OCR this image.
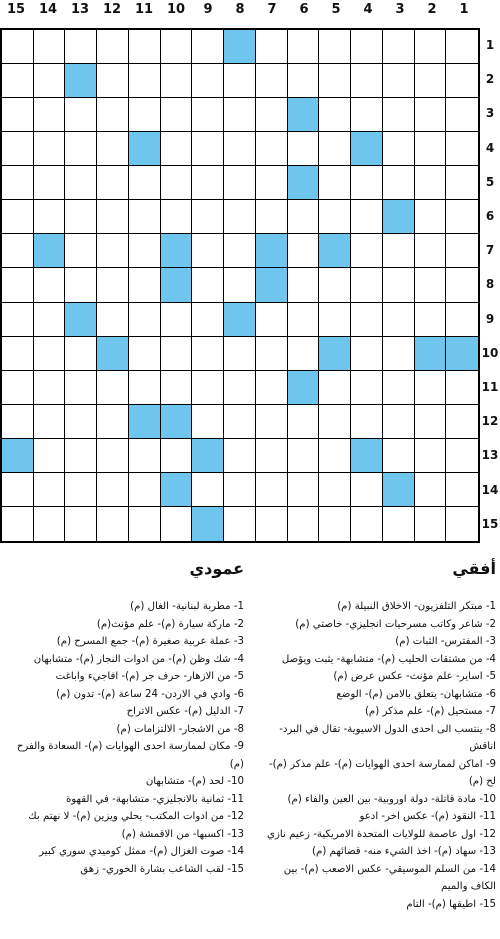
15	14	13	12	11	10	9	8	7	6	5	4	3	2	1
1
2
3
4
5
6
7
8
9
10
11
12
13
14
15
أفقي
1- مبتكر التلفزيون- الاخلاق النبيلة (م)
2- شاعر وكاتب مسرحيات انجليزي- خاصتي (م)
3- المفترس- الثبات (م)
4- من مشتقات الحليب (م)- متشابهة- يثبت ويؤصل
5- اساير- علم مؤنث- عكس عرض (م)
6- متشابهان- يتعلق بالامن (م)- الوضع
7- مستحيل (م)- علم مذكر (م)
8- ينتسب الى احدى الدول الاسيوية- تقال في البرد- اناقش
9- اماكن لممارسة احدى الهوايات (م)- علم مذكر (م)- لح (م)
10- مادة قاتلة- دولة اوروبية- بين العين والفاء (م)
11- النقود (م)- عكس اخر- ادعو
12- اول عاصمة للولايات المتحدة الامريكية- زعيم نازي
13- سهاد (م)- اخذ الشيء منه- قضائهم (م)
14- من السلم الموسيقي- عكس الاصعب (م)- بين الكاف والميم
15- اطيقها (م)- التام
عمودي
1- مطربة لبنانية- الغال (م)
2- ماركة سيارة (م)- علم مؤنث(م)
3- عملة عربية صغيرة (م)- جمع المسرح (م)
4- شك وظن (م)- من ادوات النجار (م)- متشابهان
5- من الازهار- حرف جر (م)- افاجيء واباغت
6- وادي في الاردن- 24 ساعة (م)- تدون (م)
7- الدليل (م)- عكس الاتراح
8- من الاشجار- الالتزامات (م)
9- مكان لممارسة احدى الهوايات (م)- السعادة والفرح (م)
10- لحد (م)- متشابهان
11- ثمانية بالانجليزي- متشابهة- في القهوة
12- من ادوات المكتب- يحلي ويزين (م)- لا نهتم بك
13- اكسبها- من الاقمشة (م)
14- صوت الغزال (م)- ممثل كوميدي سوري كبير
15- لقب الشاعب بشارة الخوري- زهق
